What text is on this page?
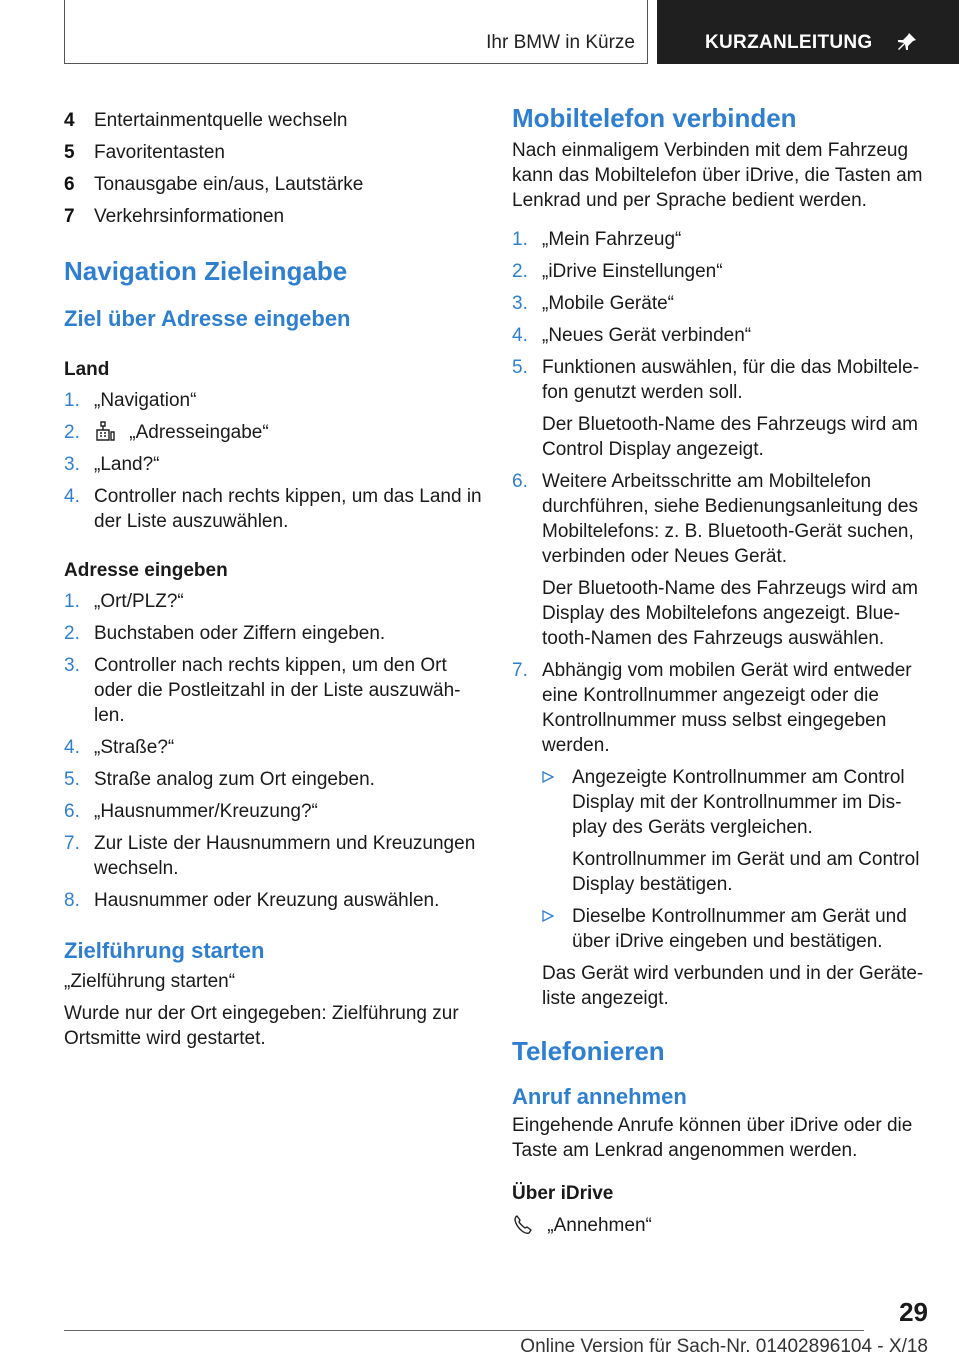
Ihr BMW in Kürze	KURZANLEITUNG
4 Entertainmentquelle wechseln
5 Favoritentasten
6 Tonausgabe ein/aus, Lautstärke
7 Verkehrsinformationen
Navigation Zieleingabe
Ziel über Adresse eingeben

Land

1. „Navigation“
2.	„Adresseingabe“
3. „Land?“
4. Controller nach rechts kippen, um das Land in der Liste auszuwählen.

Adresse eingeben

1. „Ort/PLZ?“
2. Buchstaben oder Ziffern eingeben.
3. Controller nach rechts kippen, um den Ort oder die Postleitzahl in der Liste auszuwäh‐len.
4. „Straße?“
5. Straße analog zum Ort eingeben.
6. „Hausnummer/Kreuzung?“
7. Zur Liste der Hausnummern und Kreuzungen wechseln.
8. Hausnummer oder Kreuzung auswählen.
Zielführung starten

„Zielführung starten“

Wurde nur der Ort eingegeben: Zielführung zur Ortsmitte wird gestartet.

Mobiltelefon verbinden

Nach einmaligem Verbinden mit dem Fahrzeug kann das Mobiltelefon über iDrive, die Tasten am Lenkrad und per Sprache bedient werden.

1. „Mein Fahrzeug“
2. „iDrive Einstellungen“
3. „Mobile Geräte“
4. „Neues Gerät verbinden“
5. Funktionen auswählen, für die das Mobiltele‐fon genutzt werden soll.
Der Bluetooth-Name des Fahrzeugs wird am Control Display angezeigt.
6. Weitere Arbeitsschritte am Mobiltelefon durchführen, siehe Bedienungsanleitung des Mobiltelefons: z. B. Bluetooth-Gerät suchen, verbinden oder Neues Gerät.
Der Bluetooth-Name des Fahrzeugs wird am Display des Mobiltelefons angezeigt. Blue‐tooth-Namen des Fahrzeugs auswählen.
7. Abhängig vom mobilen Gerät wird entweder eine Kontrollnummer angezeigt oder die Kontrollnummer muss selbst eingegeben werden.
Angezeigte Kontrollnummer am Control Display mit der Kontrollnummer im Dis‐play des Geräts vergleichen.
Kontrollnummer im Gerät und am Control Display bestätigen.
Dieselbe Kontrollnummer am Gerät und über iDrive eingeben und bestätigen.
Das Gerät wird verbunden und in der Geräte‐liste angezeigt.
Telefonieren
Anruf annehmen

Eingehende Anrufe können über iDrive oder die Taste am Lenkrad angenommen werden.

Über iDrive

„Annehmen“

29
Online Version für Sach-Nr. 01402896104 - X/18
